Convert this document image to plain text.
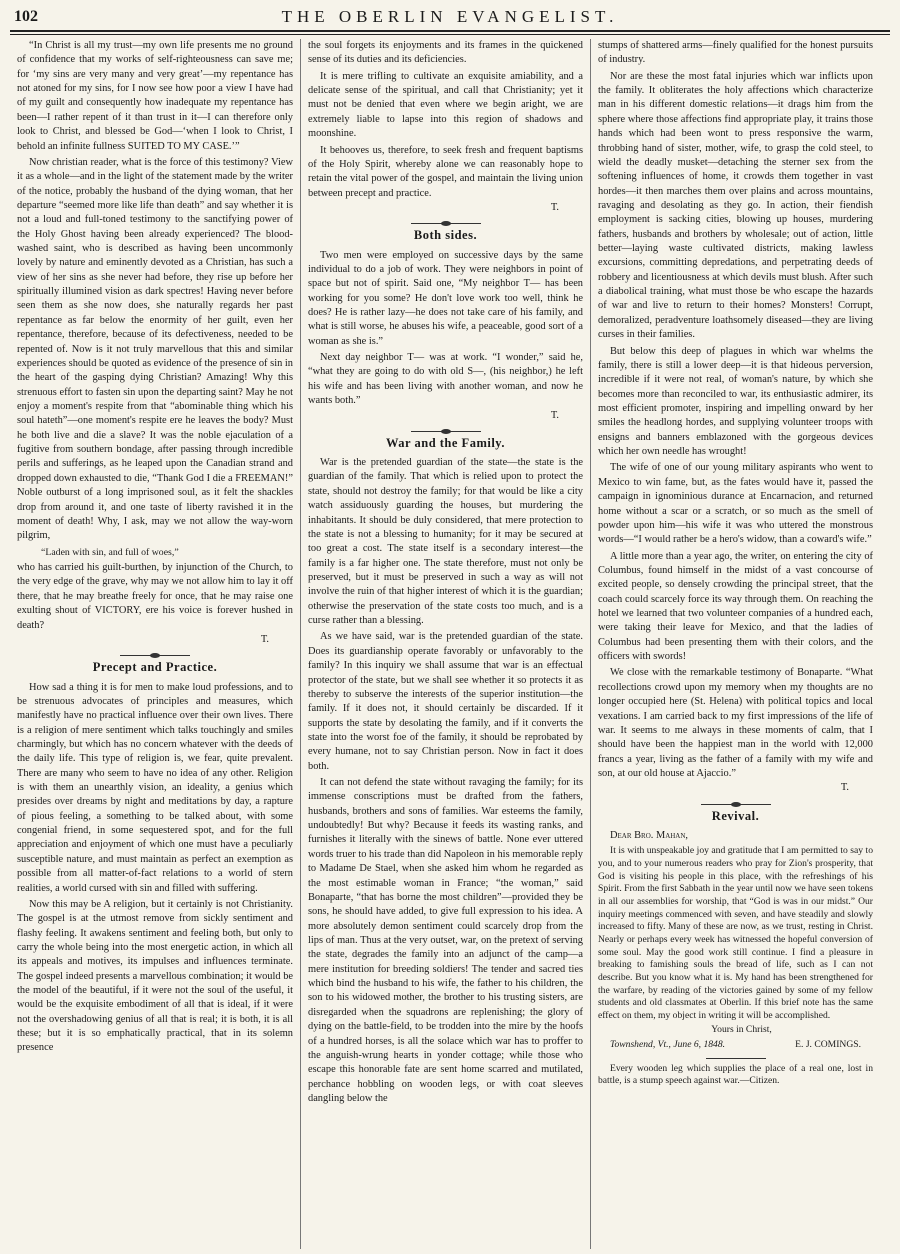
102	THE OBERLIN EVANGELIST.

“In Christ is all my trust—my own life presents me no ground of confidence that my works of self-righteousness can save me; for ‘my sins are very many and very great’—my repentance has not atoned for my sins, for I now see how poor a view I have had of my guilt and consequently how inadequate my repentance has been—I rather repent of it than trust in it—I can therefore only look to Christ, and blessed be God—‘when I look to Christ, I behold an infinite fullness SUITED TO MY CASE.’”

Now christian reader, what is the force of this testimony? View it as a whole—and in the light of the statement made by the writer of the notice, probably the husband of the dying woman, that her departure “seemed more like life than death” and say whether it is not a loud and full-toned testimony to the sanctifying power of the Holy Ghost having been already experienced? The blood-washed saint, who is described as having been uncommonly lovely by nature and eminently devoted as a Christian, has such a view of her sins as she never had before, they rise up before her spiritually illumined vision as dark spectres! Having never before seen them as she now does, she naturally regards her past repentance as far below the enormity of her guilt, even her repentance, therefore, because of its defectiveness, needed to be repented of. Now is it not truly marvellous that this and similar experiences should be quoted as evidence of the presence of sin in the heart of the gasping dying Christian? Amazing! Why this strenuous effort to fasten sin upon the departing saint? May he not enjoy a moment's respite from that “abominable thing which his soul hateth”—one moment's respite ere he leaves the body? Must he both live and die a slave? It was the noble ejaculation of a fugitive from southern bondage, after passing through incredible perils and sufferings, as he leaped upon the Canadian strand and dropped down exhausted to die, “Thank God I die a FREEMAN!” Noble outburst of a long imprisoned soul, as it felt the shackles drop from around it, and one taste of liberty ravished it in the moment of death! Why, I ask, may we not allow the way-worn pilgrim,

“Laden with sin, and full of woes,”

who has carried his guilt-burthen, by injunction of the Church, to the very edge of the grave, why may we not allow him to lay it off there, that he may breathe freely for once, that he may raise one exulting shout of VICTORY, ere his voice is forever hushed in death?

T.

Precept and Practice.

How sad a thing it is for men to make loud professions, and to be strenuous advocates of principles and measures, which manifestly have no practical influence over their own lives. There is a religion of mere sentiment which talks touchingly and smiles charmingly, but which has no concern whatever with the deeds of the daily life. This type of religion is, we fear, quite prevalent. There are many who seem to have no idea of any other. Religion is with them an unearthly vision, an ideality, a genius which presides over dreams by night and meditations by day, a rapture of pious feeling, a something to be talked about, with some congenial friend, in some sequestered spot, and for the full appreciation and enjoyment of which one must have a peculiarly susceptible nature, and must maintain as perfect an exemption as possible from all matter-of-fact relations to a world of stern realities, a world cursed with sin and filled with suffering.

Now this may be A religion, but it certainly is not Christianity. The gospel is at the utmost remove from sickly sentiment and flashy feeling. It awakens sentiment and feeling both, but only to carry the whole being into the most energetic action, in which all its appeals and motives, its impulses and influences terminate. The gospel indeed presents a marvellous combination; it would be the model of the beautiful, if it were not the soul of the useful, it would be the exquisite embodiment of all that is ideal, if it were not the overshadowing genius of all that is real; it is both, it is all these; but it is so emphatically practical, that in its solemn presence

the soul forgets its enjoyments and its frames in the quickened sense of its duties and its deficiencies.

It is mere trifling to cultivate an exquisite amiability, and a delicate sense of the spiritual, and call that Christianity; yet it must not be denied that even where we begin aright, we are extremely liable to lapse into this region of shadows and moonshine.

It behooves us, therefore, to seek fresh and frequent baptisms of the Holy Spirit, whereby alone we can reasonably hope to retain the vital power of the gospel, and maintain the living union between precept and practice.

T.

Both sides.

Two men were employed on successive days by the same individual to do a job of work. They were neighbors in point of space but not of spirit. Said one, “My neighbor T— has been working for you some? He don't love work too well, think he does? He is rather lazy—he does not take care of his family, and what is still worse, he abuses his wife, a peaceable, good sort of a woman as she is.”

Next day neighbor T— was at work. “I wonder,” said he, “what they are going to do with old S—, (his neighbor,) he left his wife and has been living with another woman, and now he wants both.”

T.

War and the Family.

War is the pretended guardian of the state—the state is the guardian of the family. That which is relied upon to protect the state, should not destroy the family; for that would be like a city watch assiduously guarding the houses, but murdering the inhabitants. It should be duly considered, that mere protection to the state is not a blessing to humanity; for it may be secured at too great a cost. The state itself is a secondary interest—the family is a far higher one. The state therefore, must not only be preserved, but it must be preserved in such a way as will not involve the ruin of that higher interest of which it is the guardian; otherwise the preservation of the state costs too much, and is a curse rather than a blessing.

As we have said, war is the pretended guardian of the state. Does its guardianship operate favorably or unfavorably to the family? In this inquiry we shall assume that war is an effectual protector of the state, but we shall see whether it so protects it as thereby to subserve the interests of the superior institution—the family. If it does not, it should certainly be discarded. If it supports the state by desolating the family, and if it converts the state into the worst foe of the family, it should be reprobated by every humane, not to say Christian person. Now in fact it does both.

It can not defend the state without ravaging the family; for its immense conscriptions must be drafted from the fathers, husbands, brothers and sons of families. War esteems the family, undoubtedly! But why? Because it feeds its wasting ranks, and furnishes it literally with the sinews of battle. None ever uttered words truer to his trade than did Napoleon in his memorable reply to Madame De Stael, when she asked him whom he regarded as the most estimable woman in France; “the woman,” said Bonaparte, “that has borne the most children”—provided they be sons, he should have added, to give full expression to his idea. A more absolutely demon sentiment could scarcely drop from the lips of man. Thus at the very outset, war, on the pretext of serving the state, degrades the family into an adjunct of the camp—a mere institution for breeding soldiers! The tender and sacred ties which bind the husband to his wife, the father to his children, the son to his widowed mother, the brother to his trusting sisters, are disregarded when the squadrons are replenishing; the glory of dying on the battle-field, to be trodden into the mire by the hoofs of a hundred horses, is all the solace which war has to proffer to the anguish-wrung hearts in yonder cottage; while those who escape this honorable fate are sent home scarred and mutilated, perchance hobbling on wooden legs, or with coat sleeves dangling below the

stumps of shattered arms—finely qualified for the honest pursuits of industry.

Nor are these the most fatal injuries which war inflicts upon the family. It obliterates the holy affections which characterize man in his different domestic relations—it drags him from the sphere where those affections find appropriate play, it trains those hands which had been wont to press responsive the warm, throbbing hand of sister, mother, wife, to grasp the cold steel, to wield the deadly musket—detaching the sterner sex from the softening influences of home, it crowds them together in vast hordes—it then marches them over plains and across mountains, ravaging and desolating as they go. In action, their fiendish employment is sacking cities, blowing up houses, murdering fathers, husbands and brothers by wholesale; out of action, little better—laying waste cultivated districts, making lawless excursions, committing depredations, and perpetrating deeds of robbery and licentiousness at which devils must blush. After such a diabolical training, what must those be who escape the hazards of war and live to return to their homes? Monsters! Corrupt, demoralized, peradventure loathsomely diseased—they are living curses in their families.

But below this deep of plagues in which war whelms the family, there is still a lower deep—it is that hideous perversion, incredible if it were not real, of woman's nature, by which she becomes more than reconciled to war, its enthusiastic admirer, its most efficient promoter, inspiring and impelling onward by her smiles the headlong hordes, and supplying volunteer troops with ensigns and banners emblazoned with the gorgeous devices which her own needle has wrought!

The wife of one of our young military aspirants who went to Mexico to win fame, but, as the fates would have it, passed the campaign in ignominious durance at Encarnacion, and returned home without a scar or a scratch, or so much as the smell of powder upon him—his wife it was who uttered the monstrous words—“I would rather be a hero's widow, than a coward's wife.”

A little more than a year ago, the writer, on entering the city of Columbus, found himself in the midst of a vast concourse of excited people, so densely crowding the principal street, that the coach could scarcely force its way through them. On reaching the hotel we learned that two volunteer companies of a hundred each, were taking their leave for Mexico, and that the ladies of Columbus had been presenting them with their colors, and the officers with swords!

We close with the remarkable testimony of Bonaparte. “What recollections crowd upon my memory when my thoughts are no longer occupied here (St. Helena) with political topics and local vexations. I am carried back to my first impressions of the life of war. It seems to me always in these moments of calm, that I should have been the happiest man in the world with 12,000 francs a year, living as the father of a family with my wife and son, at our old house at Ajaccio.”

T.

Revival.

Dear Bro. Mahan,

It is with unspeakable joy and gratitude that I am permitted to say to you, and to your numerous readers who pray for Zion's prosperity, that God is visiting his people in this place, with the refreshings of his Spirit. From the first Sabbath in the year until now we have seen tokens in all our assemblies for worship, that “God is was in our midst.” Our inquiry meetings commenced with seven, and have steadily and slowly increased to fifty. Many of these are now, as we trust, resting in Christ. Nearly or perhaps every week has witnessed the hopeful conversion of some soul. May the good work still continue. I find a pleasure in breaking to famishing souls the bread of life, such as I can not describe. But you know what it is. My hand has been strengthened for the warfare, by reading of the victories gained by some of my fellow students and old classmates at Oberlin. If this brief note has the same effect on them, my object in writing it will be accomplished.

Yours in Christ,

Townshend, Vt., June 6, 1848.	E. J. COMINGS.

Every wooden leg which supplies the place of a real one, lost in battle, is a stump speech against war.—Citizen.
